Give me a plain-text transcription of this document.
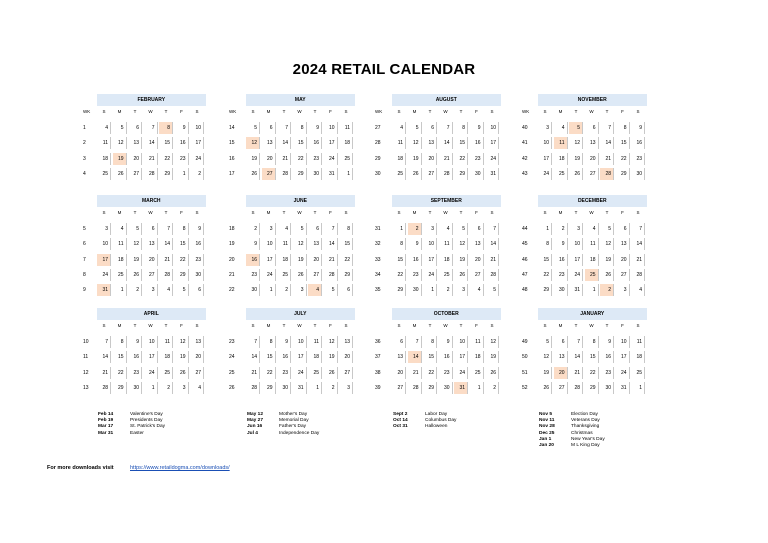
2024 RETAIL CALENDAR
FEBRUARY
S	M	T	W	T	F	S
WK
1	4	5	6	7	8	9	10
2	11	12	13	14	15	16	17
3	18	19	20	21	22	23	24
4	25	26	27	28	29	1	2
MARCH
S	M	T	W	T	F	S
5	3	4	5	6	7	8	9
6	10	11	12	13	14	15	16
7	17	18	19	20	21	22	23
8	24	25	26	27	28	29	30
9	31	1	2	3	4	5	6
APRIL
S	M	T	W	T	F	S
10	7	8	9	10	11	12	13
11	14	15	16	17	18	19	20
12	21	22	23	24	25	26	27
13	28	29	30	1	2	3	4
MAY
S	M	T	W	T	F	S
WK
14	5	6	7	8	9	10	11
15	12	13	14	15	16	17	18
16	19	20	21	22	23	24	25
17	26	27	28	29	30	31	1
JUNE
S	M	T	W	T	F	S
18	2	3	4	5	6	7	8
19	9	10	11	12	13	14	15
20	16	17	18	19	20	21	22
21	23	24	25	26	27	28	29
22	30	1	2	3	4	5	6
JULY
S	M	T	W	T	F	S
23	7	8	9	10	11	12	13
24	14	15	16	17	18	19	20
25	21	22	23	24	25	26	27
26	28	29	30	31	1	2	3
AUGUST
S	M	T	W	T	F	S
WK
27	4	5	6	7	8	9	10
28	11	12	13	14	15	16	17
29	18	19	20	21	22	23	24
30	25	26	27	28	29	30	31
SEPTEMBER
S	M	T	W	T	F	S
31	1	2	3	4	5	6	7
32	8	9	10	11	12	13	14
33	15	16	17	18	19	20	21
34	22	23	24	25	26	27	28
35	29	30	1	2	3	4	5
OCTOBER
S	M	T	W	T	F	S
36	6	7	8	9	10	11	12
37	13	14	15	16	17	18	19
38	20	21	22	23	24	25	26
39	27	28	29	30	31	1	2
NOVEMBER
S	M	T	W	T	F	S
WK
40	3	4	5	6	7	8	9
41	10	11	12	13	14	15	16
42	17	18	19	20	21	22	23
43	24	25	26	27	28	29	30
DECEMBER
S	M	T	W	T	F	S
44	1	2	3	4	5	6	7
45	8	9	10	11	12	13	14
46	15	16	17	18	19	20	21
47	22	23	24	25	26	27	28
48	29	30	31	1	2	3	4
JANUARY
S	M	T	W	T	F	S
49	5	6	7	8	9	10	11
50	12	13	14	15	16	17	18
51	19	20	21	22	23	24	25
52	26	27	28	29	30	31	1
Feb 14	Valentine's Day
Feb 19	Presidents Day
Mar 17	St. Patrick's Day
Mar 31	Easter
May 12	Mother's Day
May 27	Memorial Day
Jun 16	Father's Day
Jul 4	Independence Day
Sept 2	Labor Day
Oct 14	Columbus Day
Oct 31	Halloween
Nov 5	Election Day
Nov 11	Veterans Day
Nov 28	Thanksgiving
Dec 25	Christmas
Jan 1	New Year's Day
Jan 20	M L King Day
For more downloads visit	https://www.retaildogma.com/downloads/
